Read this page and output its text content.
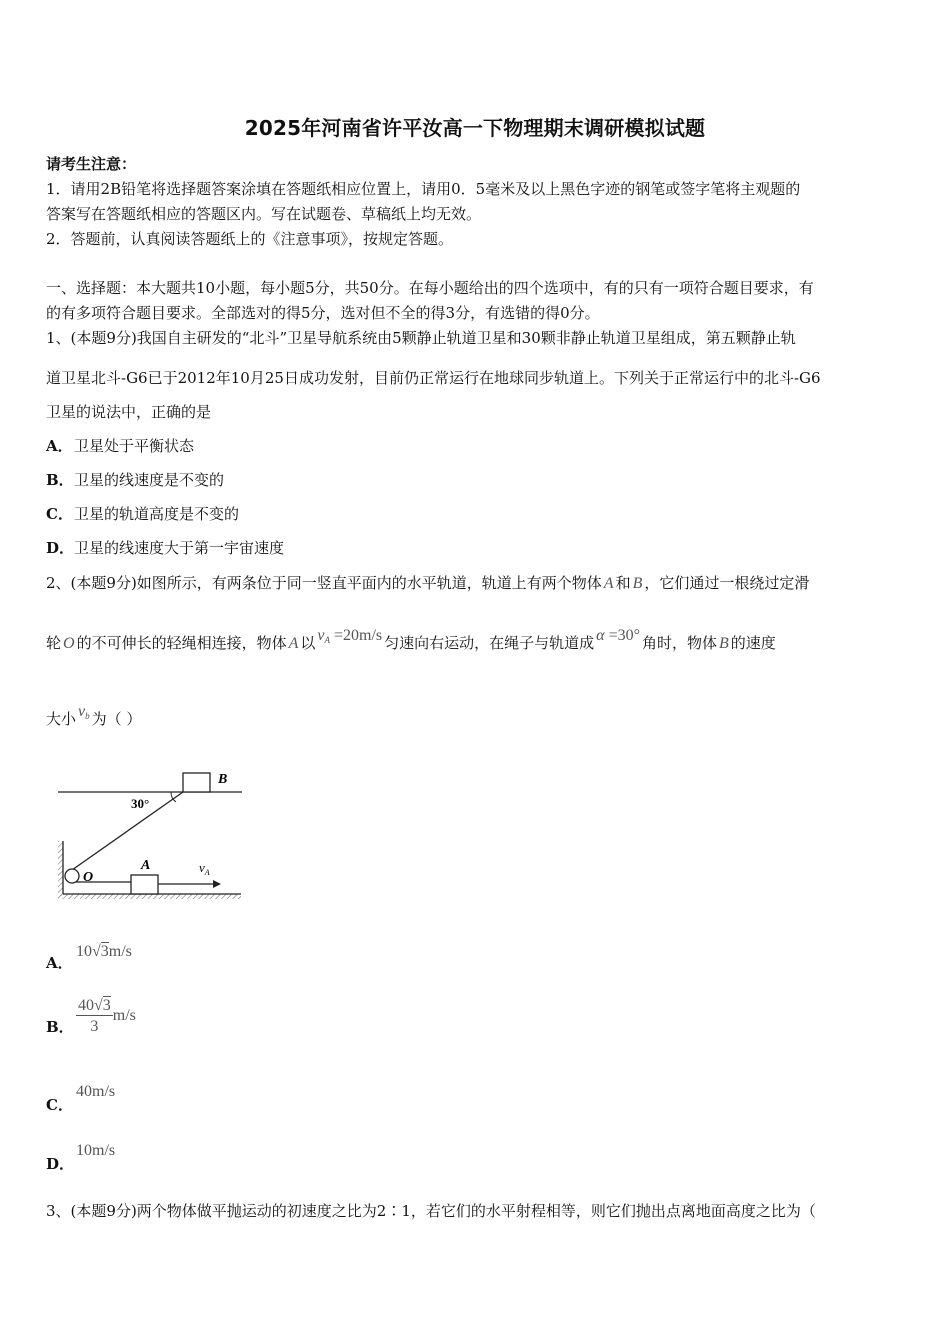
2025年河南省许平汝高一下物理期末调研模拟试题
请考生注意：
1．请用2B铅笔将选择题答案涂填在答题纸相应位置上，请用0．5毫米及以上黑色字迹的钢笔或签字笔将主观题的
答案写在答题纸相应的答题区内。写在试题卷、草稿纸上均无效。
2．答题前，认真阅读答题纸上的《注意事项》，按规定答题。
一、选择题：本大题共10小题，每小题5分，共50分。在每小题给出的四个选项中，有的只有一项符合题目要求，有
的有多项符合题目要求。全部选对的得5分，选对但不全的得3分，有选错的得0分。
1、(本题9分)我国自主研发的“北斗”卫星导航系统由5颗静止轨道卫星和30颗非静止轨道卫星组成，第五颗静止轨
道卫星北斗-G6已于2012年10月25日成功发射，目前仍正常运行在地球同步轨道上。下列关于正常运行中的北斗-G6
卫星的说法中，正确的是
A．卫星处于平衡状态
B．卫星的线速度是不变的
C．卫星的轨道高度是不变的
D．卫星的线速度大于第一宇宙速度
2、(本题9分)如图所示，有两条位于同一竖直平面内的水平轨道，轨道上有两个物体 A 和 B ，它们通过一根绕过定滑
轮 O 的不可伸长的轻绳相连接，物体 A 以 $v_A =20m/s$ 匀速向右运动，在绳子与轨道成 α =30° 角时，物体 B 的速度
大小 $v_b$ 为（ ）
B
30°
O
A	$v_A$
A．10√3m/s
B． $\frac{40√3}{3} m/s$
C．40m/s
D．10m/s
3、(本题9分)两个物体做平抛运动的初速度之比为2∶1，若它们的水平射程相等，则它们抛出点离地面高度之比为（
